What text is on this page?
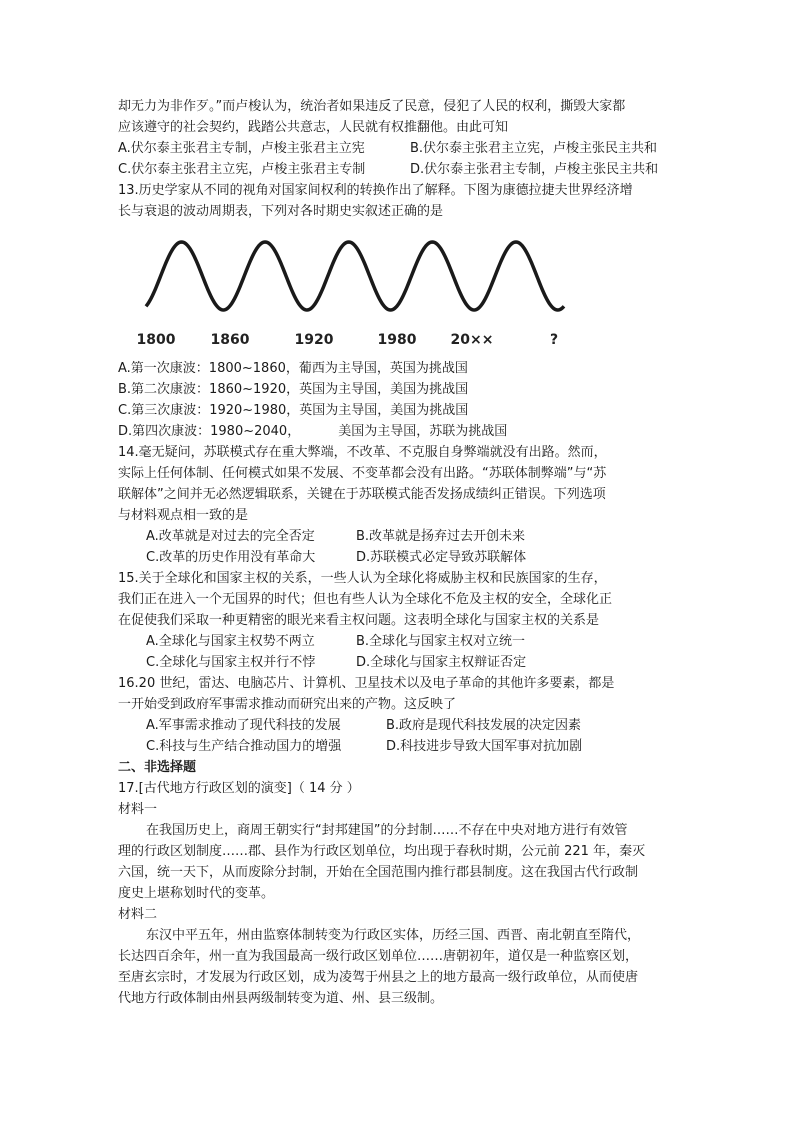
却无力为非作歹。”而卢梭认为，统治者如果违反了民意，侵犯了人民的权利，撕毁大家都
应该遵守的社会契约，践踏公共意志，人民就有权推翻他。由此可知
A.伏尔泰主张君主专制，卢梭主张君主立宪	B.伏尔泰主张君主立宪，卢梭主张民主共和
C.伏尔泰主张君主立宪，卢梭主张君主专制	D.伏尔泰主张君主专制，卢梭主张民主共和
13.历史学家从不同的视角对国家间权利的转换作出了解释。下图为康德拉捷夫世界经济增
长与衰退的波动周期表，下列对各时期史实叙述正确的是
1800	1860	1920	1980 20××	?
A.第一次康波：1800~1860，葡西为主导国，英国为挑战国
B.第二次康波：1860~1920，英国为主导国，美国为挑战国
C.第三次康波：1920~1980，英国为主导国，美国为挑战国
D.第四次康波：1980~2040，	美国为主导国，苏联为挑战国
14.毫无疑问，苏联模式存在重大弊端，不改革、不克服自身弊端就没有出路。然而，
实际上任何体制、任何模式如果不发展、不变革都会没有出路。“苏联体制弊端”与“苏
联解体”之间并无必然逻辑联系，关键在于苏联模式能否发扬成绩纠正错误。下列选项
与材料观点相一致的是
A.改革就是对过去的完全否定	B.改革就是扬弃过去开创未来
C.改革的历史作用没有革命大	D.苏联模式必定导致苏联解体
15.关于全球化和国家主权的关系，一些人认为全球化将威胁主权和民族国家的生存，
我们正在进入一个无国界的时代；但也有些人认为全球化不危及主权的安全，全球化正
在促使我们采取一种更精密的眼光来看主权问题。这表明全球化与国家主权的关系是
A.全球化与国家主权势不两立	B.全球化与国家主权对立统一
C.全球化与国家主权并行不悖	D.全球化与国家主权辩证否定
16.20 世纪，雷达、电脑芯片、计算机、卫星技术以及电子革命的其他许多要素，都是
一开始受到政府军事需求推动而研究出来的产物。这反映了
A.军事需求推动了现代科技的发展	B.政府是现代科技发展的决定因素
C.科技与生产结合推动国力的增强	D.科技进步导致大国军事对抗加剧
二、非选择题
17.[古代地方行政区划的演变]（ 14 分 ）
材料一
在我国历史上，商周王朝实行“封邦建国”的分封制……不存在中央对地方进行有效管
理的行政区划制度……郡、县作为行政区划单位，均出现于春秋时期，公元前 221 年，秦灭
六国，统一天下，从而废除分封制，开始在全国范围内推行郡县制度。这在我国古代行政制
度史上堪称划时代的变革。
材料二
东汉中平五年，州由监察体制转变为行政区实体，历经三国、西晋、南北朝直至隋代，
长达四百余年，州一直为我国最高一级行政区划单位……唐朝初年，道仅是一种监察区划，
至唐玄宗时，才发展为行政区划，成为凌驾于州县之上的地方最高一级行政单位，从而使唐
代地方行政体制由州县两级制转变为道、州、县三级制。
